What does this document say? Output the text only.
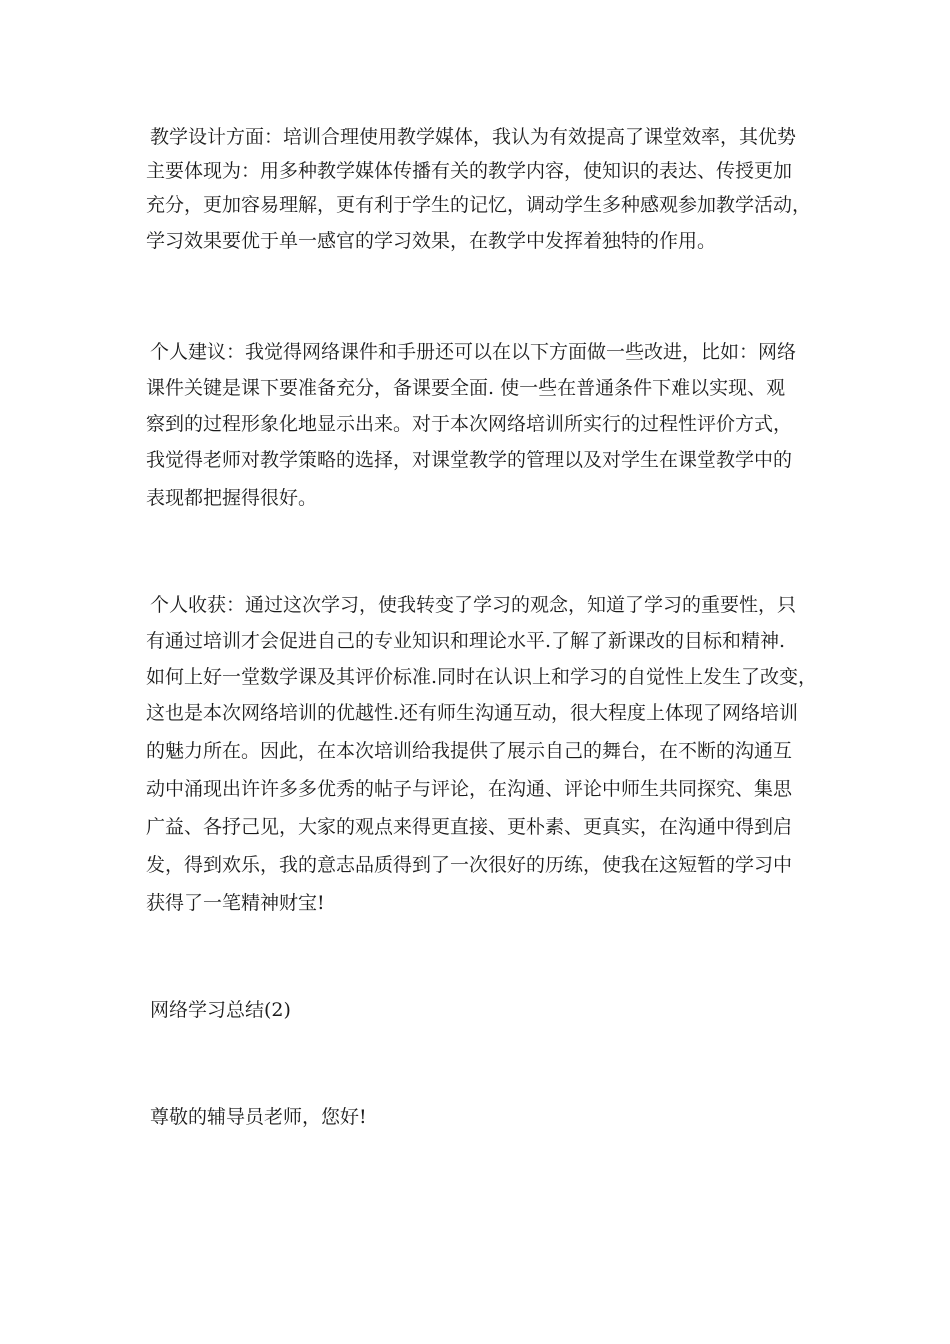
教学设计方面：培训合理使用教学媒体，我认为有效提高了课堂效率，其优势
主要体现为：用多种教学媒体传播有关的教学内容，使知识的表达、传授更加
充分，更加容易理解，更有利于学生的记忆，调动学生多种感观参加教学活动，
学习效果要优于单一感官的学习效果，在教学中发挥着独特的作用。
个人建议：我觉得网络课件和手册还可以在以下方面做一些改进，比如：网络
课件关键是课下要准备充分，备课要全面. 使一些在普通条件下难以实现、观
察到的过程形象化地显示出来。对于本次网络培训所实行的过程性评价方式，
我觉得老师对教学策略的选择，对课堂教学的管理以及对学生在课堂教学中的
表现都把握得很好。
个人收获：通过这次学习，使我转变了学习的观念，知道了学习的重要性，只
有通过培训才会促进自己的专业知识和理论水平.了解了新课改的目标和精神.
如何上好一堂数学课及其评价标准.同时在认识上和学习的自觉性上发生了改变，
这也是本次网络培训的优越性.还有师生沟通互动，很大程度上体现了网络培训
的魅力所在。因此，在本次培训给我提供了展示自己的舞台，在不断的沟通互
动中涌现出许许多多优秀的帖子与评论，在沟通、评论中师生共同探究、集思
广益、各抒己见，大家的观点来得更直接、更朴素、更真实，在沟通中得到启
发，得到欢乐，我的意志品质得到了一次很好的历练，使我在这短暂的学习中
获得了一笔精神财宝!
网络学习总结(2)
尊敬的辅导员老师，您好!
